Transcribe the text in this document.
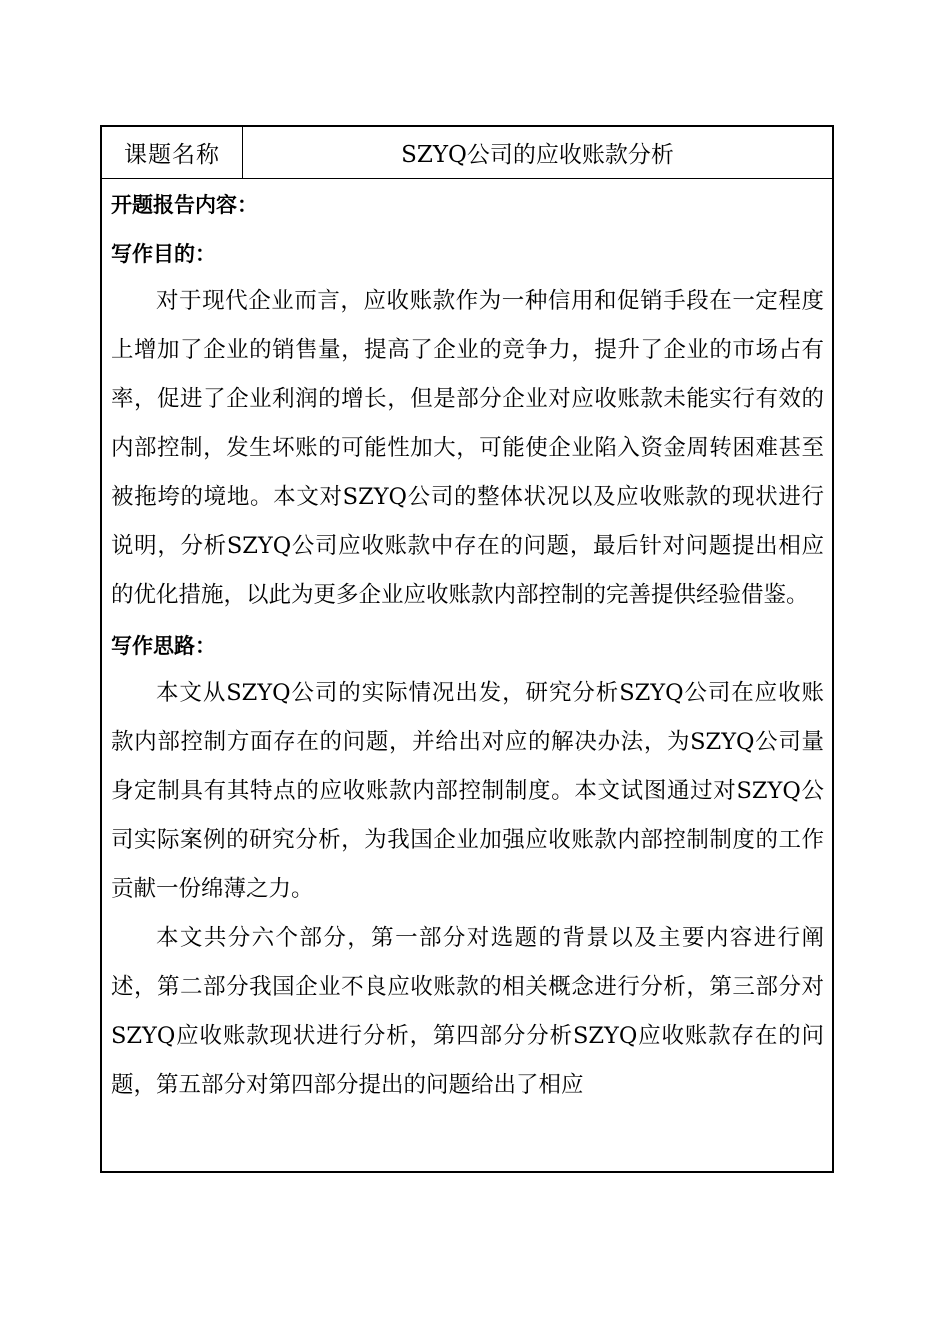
课题名称	SZYQ公司的应收账款分析

开题报告内容：

写作目的：

对于现代企业而言，应收账款作为一种信用和促销手段在一定程度上增加了企业的销售量，提高了企业的竞争力，提升了企业的市场占有率，促进了企业利润的增长，但是部分企业对应收账款未能实行有效的内部控制，发生坏账的可能性加大，可能使企业陷入资金周转困难甚至被拖垮的境地。本文对SZYQ公司的整体状况以及应收账款的现状进行说明，分析SZYQ公司应收账款中存在的问题，最后针对问题提出相应的优化措施，以此为更多企业应收账款内部控制的完善提供经验借鉴。

写作思路：

本文从SZYQ公司的实际情况出发，研究分析SZYQ公司在应收账款内部控制方面存在的问题，并给出对应的解决办法，为SZYQ公司量身定制具有其特点的应收账款内部控制制度。本文试图通过对SZYQ公司实际案例的研究分析，为我国企业加强应收账款内部控制制度的工作贡献一份绵薄之力。

本文共分六个部分，第一部分对选题的背景以及主要内容进行阐述，第二部分我国企业不良应收账款的相关概念进行分析，第三部分对SZYQ应收账款现状进行分析，第四部分分析SZYQ应收账款存在的问题，第五部分对第四部分提出的问题给出了相应
